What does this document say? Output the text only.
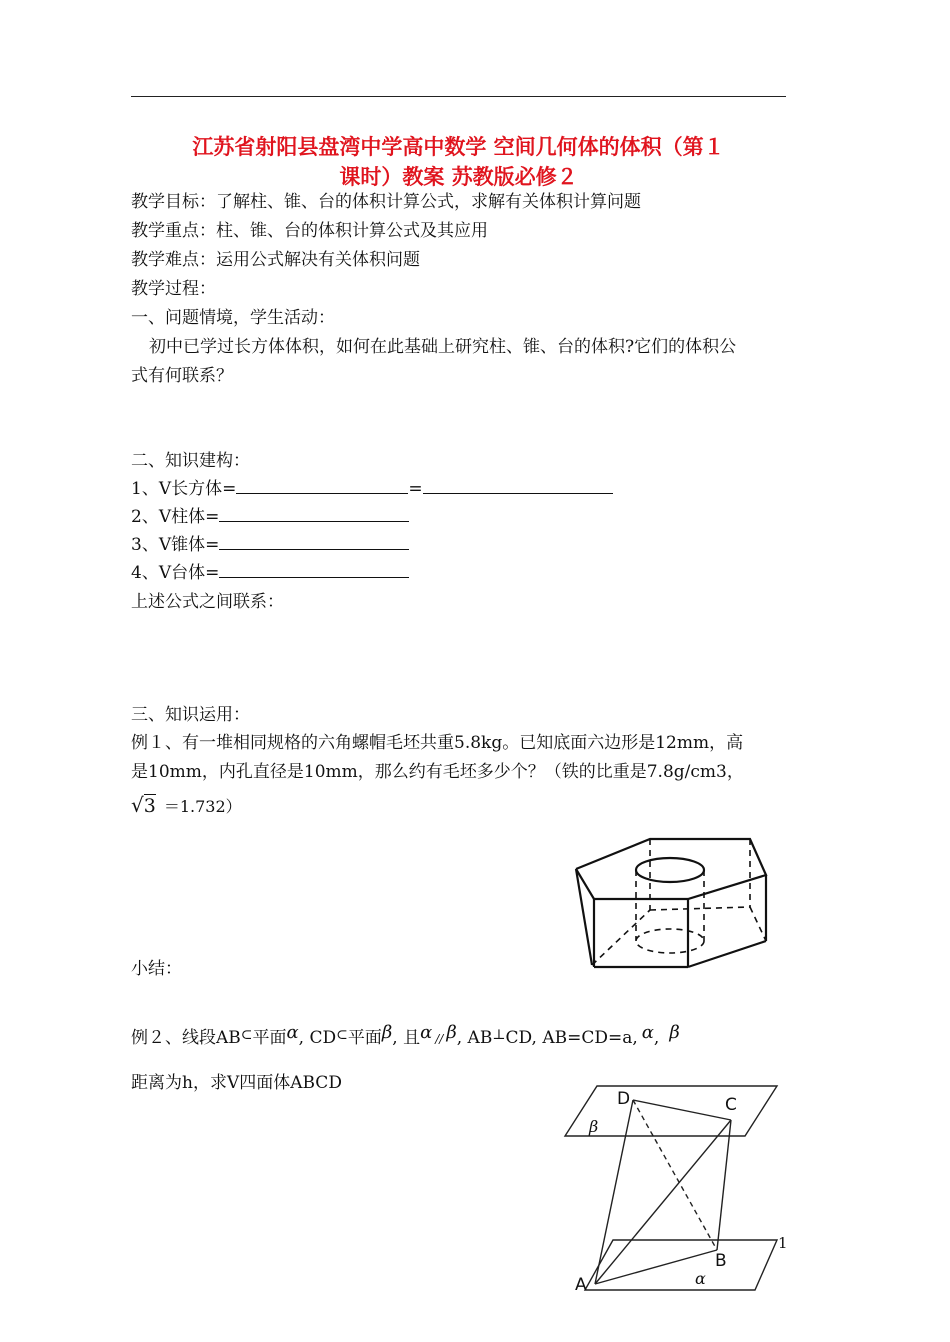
江苏省射阳县盘湾中学高中数学 空间几何体的体积（第１
课时）教案 苏教版必修２
教学目标：了解柱、锥、台的体积计算公式，求解有关体积计算问题
教学重点：柱、锥、台的体积计算公式及其应用
教学难点：运用公式解决有关体积问题
教学过程：
一、问题情境，学生活动：
初中已学过长方体体积，如何在此基础上研究柱、锥、台的体积?它们的体积公
式有何联系？
二、知识建构：
1、V长方体=	=
2、V柱体=
3、V锥体=
4、V台体=
上述公式之间联系：
三、知识运用：
例１、有一堆相同规格的六角螺帽毛坯共重5.8kg。已知底面六边形是12mm，高
是10mm，内孔直径是10mm，那么约有毛坯多少个？（铁的比重是7.8g/cm3，
√3 ＝1.732）
小结：
例２、线段AB⊂平面α, CD⊂平面β, 且α // β, AB⊥CD, AB=CD=a, α, β
距离为h，求V四面体ABCD
D	C
B
A
β
α
1
